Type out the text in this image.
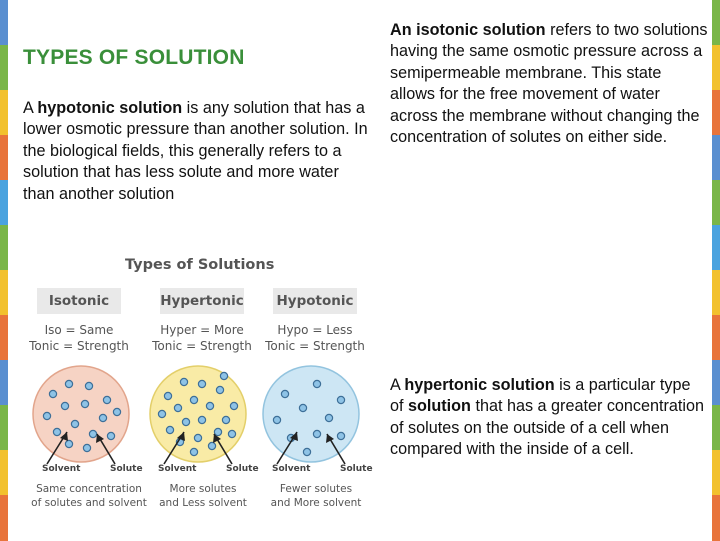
TYPES OF SOLUTION

A hypotonic solution is any solution that has a lower osmotic pressure than another solution. In the biological fields, this generally refers to a solution that has less solute and more water than another solution

An isotonic solution refers to two solutions having the same osmotic pressure across a semipermeable membrane. This state allows for the free movement of water across the membrane without changing the concentration of solutes on either side.

A hypertonic solution is a particular type of solution that has a greater concentration of solutes on the outside of a cell when compared with the inside of a cell.

Types of Solutions
Isotonic	Hypertonic Hypotonic
Iso = Same
Tonic = Strength
Hyper = More
Tonic = Strength
Hypo = Less
Tonic = Strength
Solvent	Solute Solvent	Solute Solvent	Solute
Same concentration
of solutes and solvent
More solutes
and Less solvent
Fewer solutes
and More solvent
